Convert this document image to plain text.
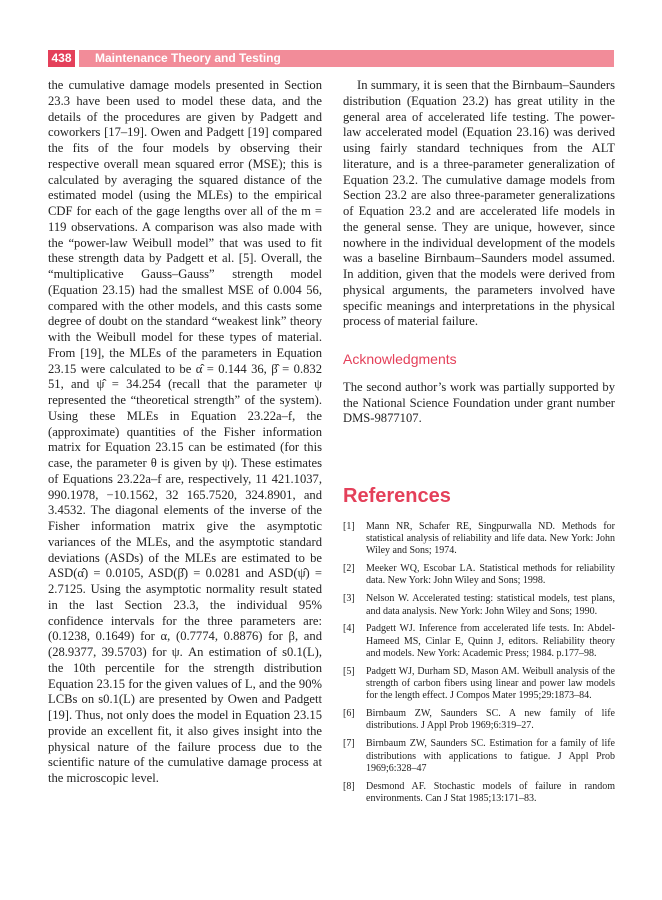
438	Maintenance Theory and Testing

the cumulative damage models presented in Section 23.3 have been used to model these data, and the details of the procedures are given by Padgett and coworkers [17–19]. Owen and Padgett [19] compared the fits of the four models by observing their respective overall mean squared error (MSE); this is calculated by averaging the squared distance of the estimated model (using the MLEs) to the empirical CDF for each of the gage lengths over all of the m = 119 observations. A comparison was also made with the “power-law Weibull model” that was used to fit these strength data by Padgett et al. [5]. Overall, the “multiplicative Gauss–Gauss” strength model (Equation 23.15) had the smallest MSE of 0.004 56, compared with the other models, and this casts some degree of doubt on the standard “weakest link” theory with the Weibull model for these types of material. From [19], the MLEs of the parameters in Equation 23.15 were calculated to be α̂ = 0.144 36, β̂ = 0.832 51, and ψ̂ = 34.254 (recall that the parameter ψ represented the “theoretical strength” of the system). Using these MLEs in Equation 23.22a–f, the (approximate) quantities of the Fisher information matrix for Equation 23.15 can be estimated (for this case, the parameter θ is given by ψ). These estimates of Equations 23.22a–f are, respectively, 11 421.1037, 990.1978, −10.1562, 32 165.7520, 324.8901, and 3.4532. The diagonal elements of the inverse of the Fisher information matrix give the asymptotic variances of the MLEs, and the asymptotic standard deviations (ASDs) of the MLEs are estimated to be ASD(α̂) = 0.0105, ASD(β̂) = 0.0281 and ASD(ψ̂) = 2.7125. Using the asymptotic normality result stated in the last Section 23.3, the individual 95% confidence intervals for the three parameters are: (0.1238, 0.1649) for α, (0.7774, 0.8876) for β, and (28.9377, 39.5703) for ψ. An estimation of s0.1(L), the 10th percentile for the strength distribution Equation 23.15 for the given values of L, and the 90% LCBs on s0.1(L) are presented by Owen and Padgett [19]. Thus, not only does the model in Equation 23.15 provide an excellent fit, it also gives insight into the physical nature of the failure process due to the scientific nature of the cumulative damage process at the microscopic level.

In summary, it is seen that the Birnbaum–Saunders distribution (Equation 23.2) has great utility in the general area of accelerated life testing. The power-law accelerated model (Equation 23.16) was derived using fairly standard techniques from the ALT literature, and is a three-parameter generalization of Equation 23.2. The cumulative damage models from Section 23.2 are also three-parameter generalizations of Equation 23.2 and are accelerated life models in the general sense. They are unique, however, since nowhere in the individual development of the models was a baseline Birnbaum–Saunders model assumed. In addition, given that the models were derived from physical arguments, the parameters involved have specific meanings and interpretations in the physical process of material failure.

Acknowledgments

The second author’s work was partially supported by the National Science Foundation under grant number DMS-9877107.

References
[1] Mann NR, Schafer RE, Singpurwalla ND. Methods for statistical analysis of reliability and life data. New York: John Wiley and Sons; 1974.
[2] Meeker WQ, Escobar LA. Statistical methods for reliability data. New York: John Wiley and Sons; 1998.
[3] Nelson W. Accelerated testing: statistical models, test plans, and data analysis. New York: John Wiley and Sons; 1990.
[4] Padgett WJ. Inference from accelerated life tests. In: Abdel-Hameed MS, Cinlar E, Quinn J, editors. Reliability theory and models. New York: Academic Press; 1984. p.177–98.
[5] Padgett WJ, Durham SD, Mason AM. Weibull analysis of the strength of carbon fibers using linear and power law models for the length effect. J Compos Mater 1995;29:1873–84.
[6] Birnbaum ZW, Saunders SC. A new family of life distributions. J Appl Prob 1969;6:319–27.
[7] Birnbaum ZW, Saunders SC. Estimation for a family of life distributions with applications to fatigue. J Appl Prob 1969;6:328–47
[8] Desmond AF. Stochastic models of failure in random environments. Can J Stat 1985;13:171–83.
